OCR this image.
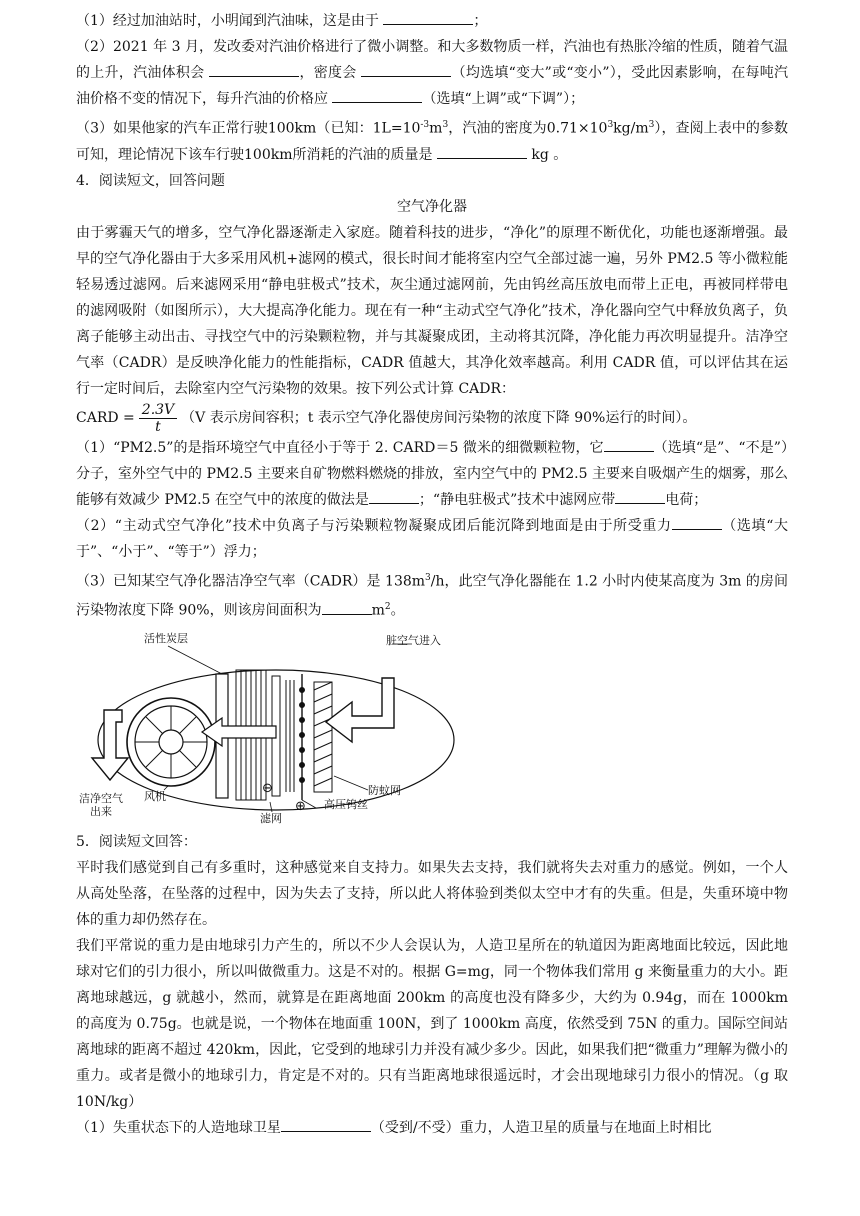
（1）经过加油站时，小明闻到汽油味，这是由于	；

（2）2021 年 3 月，发改委对汽油价格进行了微小调整。和大多数物质一样，汽油也有热胀冷缩的性质，随着气温的上升，汽油体积会	，密度会	（均选填“变大”或“变小”），受此因素影响，在每吨汽油价格不变的情况下，每升汽油的价格应	（选填“上调”或“下调”）；

（3）如果他家的汽车正常行驶100km（已知：$1L=10^{-3}m^3$，汽油的密度为$0.71\times 10^3kg/m^3$），查阅上表中的参数可知，理论情况下该车行驶100km所消耗的汽油的质量是	kg 。

4．阅读短文，回答问题

空气净化器

由于雾霾天气的增多，空气净化器逐渐走入家庭。随着科技的进步，“净化”的原理不断优化，功能也逐渐增强。最早的空气净化器由于大多采用风机+滤网的模式，很长时间才能将室内空气全部过滤一遍，另外 PM2.5 等小微粒能轻易透过滤网。后来滤网采用“静电驻极式”技术，灰尘通过滤网前，先由钨丝高压放电而带上正电，再被同样带电的滤网吸附（如图所示），大大提高净化能力。现在有一种“主动式空气净化”技术，净化器向空气中释放负离子，负离子能够主动出击、寻找空气中的污染颗粒物，并与其凝聚成团，主动将其沉降，净化能力再次明显提升。洁净空气率（CADR）是反映净化能力的性能指标，CADR 值越大，其净化效率越高。利用 CADR 值，可以评估其在运行一定时间后，去除室内空气污染物的效果。按下列公式计算 CADR：

CARD = $\frac{2.3V}{t} (V$ 表示房间容积；t 表示空气净化器使房间污染物的浓度下降 90%运行的时间）。

（1）“PM2.5”的是指环境空气中直径小于等于 2. CARD＝5 微米的细微颗粒物，它	（选填“是”、“不是”）分子，室外空气中的 PM2.5 主要来自矿物燃料燃烧的排放，室内空气中的 PM2.5 主要来自吸烟产生的烟雾，那么能够有效减少 PM2.5 在空气中的浓度的做法是	；“静电驻极式”技术中滤网应带	电荷；

（2）“主动式空气净化”技术中负离子与污染颗粒物凝聚成团后能沉降到地面是由于所受重力	（选填“大于”、“小于”、“等于”）浮力；

（3）已知某空气净化器洁净空气率（CADR）是 $138m^3/h$，此空气净化器能在 1.2 小时内使某高度为 3m 的房间污染物浓度下降 90%，则该房间面积为	$m^2$。

活性炭层	脏空气进入
洁净空气出来
风机
滤网
高压钨丝
防蚊网
⊖
⊕

5．阅读短文回答：

平时我们感觉到自己有多重时，这种感觉来自支持力。如果失去支持，我们就将失去对重力的感觉。例如，一个人从高处坠落，在坠落的过程中，因为失去了支持，所以此人将体验到类似太空中才有的失重。但是，失重环境中物体的重力却仍然存在。

我们平常说的重力是由地球引力产生的，所以不少人会误认为，人造卫星所在的轨道因为距离地面比较远，因此地球对它们的引力很小，所以叫做微重力。这是不对的。根据 G=mg，同一个物体我们常用 g 来衡量重力的大小。距离地球越远，g 就越小，然而，就算是在距离地面 200km 的高度也没有降多少，大约为 0.94g，而在 1000km 的高度为 0.75g。也就是说，一个物体在地面重 100N，到了 1000km 高度，依然受到 75N 的重力。国际空间站离地球的距离不超过 420km，因此，它受到的地球引力并没有减少多少。因此，如果我们把“微重力”理解为微小的重力。或者是微小的地球引力，肯定是不对的。只有当距离地球很遥远时，才会出现地球引力很小的情况。（g 取 10N/kg）

（1）失重状态下的人造地球卫星	（受到/不受）重力，人造卫星的质量与在地面上时相比
